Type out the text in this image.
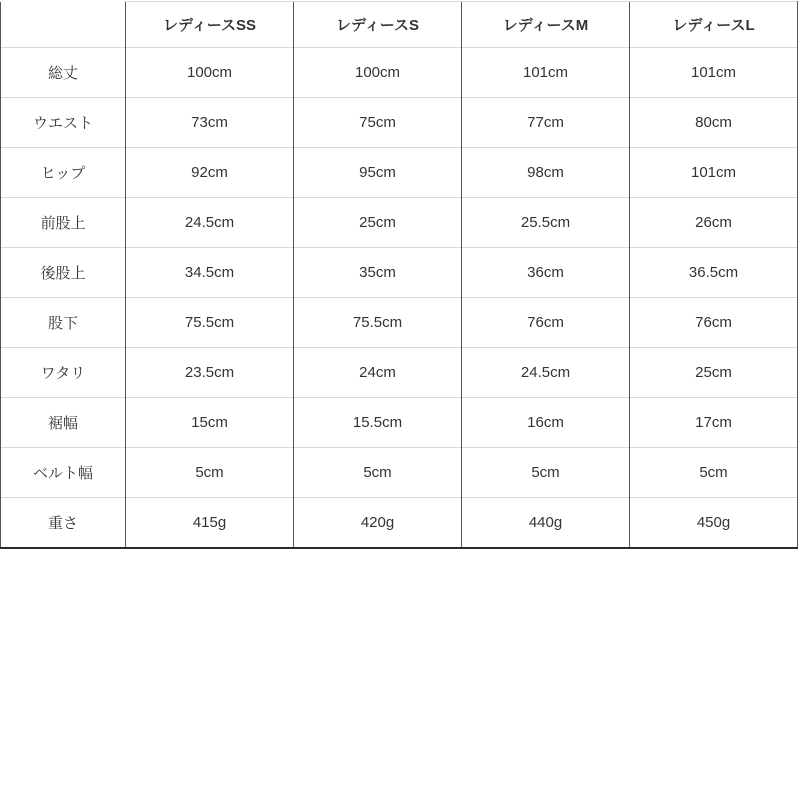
	レディースSS	レディースS	レディースM	レディースL
総丈	100cm	100cm	101cm	101cm
ウエスト	73cm	75cm	77cm	80cm
ヒップ	92cm	95cm	98cm	101cm
前股上	24.5cm	25cm	25.5cm	26cm
後股上	34.5cm	35cm	36cm	36.5cm
股下	75.5cm	75.5cm	76cm	76cm
ワタリ	23.5cm	24cm	24.5cm	25cm
裾幅	15cm	15.5cm	16cm	17cm
ベルト幅	5cm	5cm	5cm	5cm
重さ	415g	420g	440g	450g
